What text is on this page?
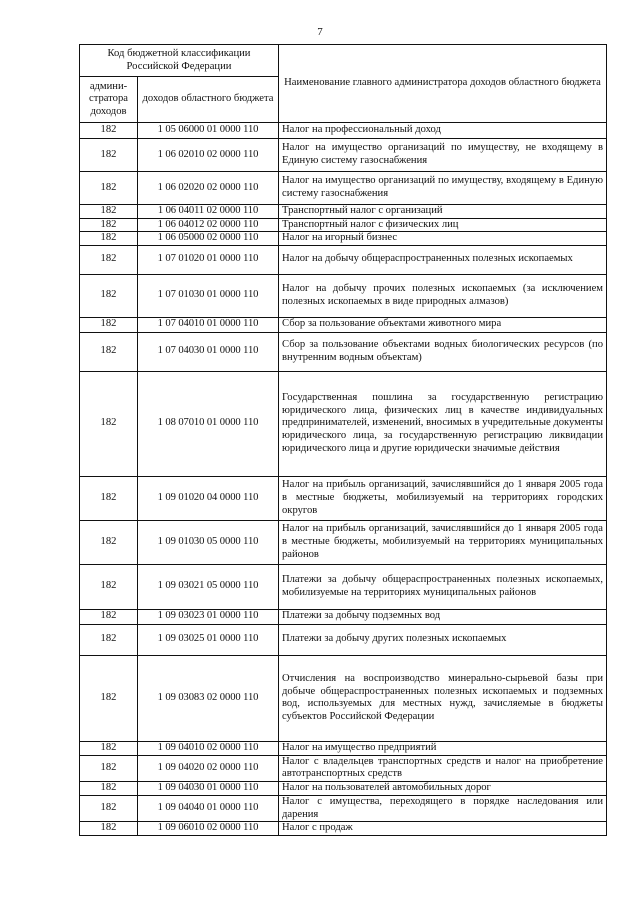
7
Код бюджетной классификации Российской Федерации		Наименование главного администратора доходов областного бюджета
админи-стратора доходов	доходов областного бюджета	
182	1 05 06000 01 0000 110	Налог на профессиональный доход
182	1 06 02010 02 0000 110	Налог на имущество организаций по имуществу, не входящему в Единую систему газоснабжения
182	1 06 02020 02 0000 110	Налог на имущество организаций по имуществу, входящему в Единую систему газоснабжения
182	1 06 04011 02 0000 110	Транспортный налог с организаций
182	1 06 04012 02 0000 110	Транспортный налог с физических лиц
182	1 06 05000 02 0000 110	Налог на игорный бизнес
182	1 07 01020 01 0000 110	Налог на добычу общераспространенных полезных ископаемых
182	1 07 01030 01 0000 110	Налог на добычу прочих полезных ископаемых (за исключением полезных ископаемых в виде природных алмазов)
182	1 07 04010 01 0000 110	Сбор за пользование объектами животного мира
182	1 07 04030 01 0000 110	Сбор за пользование объектами водных биологических ресурсов (по внутренним водным объектам)
182	1 08 07010 01 0000 110	Государственная пошлина за государственную регистрацию юридического лица, физических лиц в качестве индивидуальных предпринимателей, изменений, вносимых в учредительные документы юридического лица, за государственную регистрацию ликвидации юридического лица и другие юридически значимые действия
182	1 09 01020 04 0000 110	Налог на прибыль организаций, зачислявшийся до 1 января 2005 года в местные бюджеты, мобилизуемый на территориях городских округов
182	1 09 01030 05 0000 110	Налог на прибыль организаций, зачислявшийся до 1 января 2005 года в местные бюджеты, мобилизуемый на территориях муниципальных районов
182	1 09 03021 05 0000 110	Платежи за добычу общераспространенных полезных ископаемых, мобилизуемые на территориях муниципальных районов
182	1 09 03023 01 0000 110	Платежи за добычу подземных вод
182	1 09 03025 01 0000 110	Платежи за добычу других полезных ископаемых
182	1 09 03083 02 0000 110	Отчисления на воспроизводство минерально-сырьевой базы при добыче общераспространенных полезных ископаемых и подземных вод, используемых для местных нужд, зачисляемые в бюджеты субъектов Российской Федерации
182	1 09 04010 02 0000 110	Налог на имущество предприятий
182	1 09 04020 02 0000 110	Налог с владельцев транспортных средств и налог на приобретение автотранспортных средств
182	1 09 04030 01 0000 110	Налог на пользователей автомобильных дорог
182	1 09 04040 01 0000 110	Налог с имущества, переходящего в порядке наследования или дарения
182	1 09 06010 02 0000 110	Налог с продаж
